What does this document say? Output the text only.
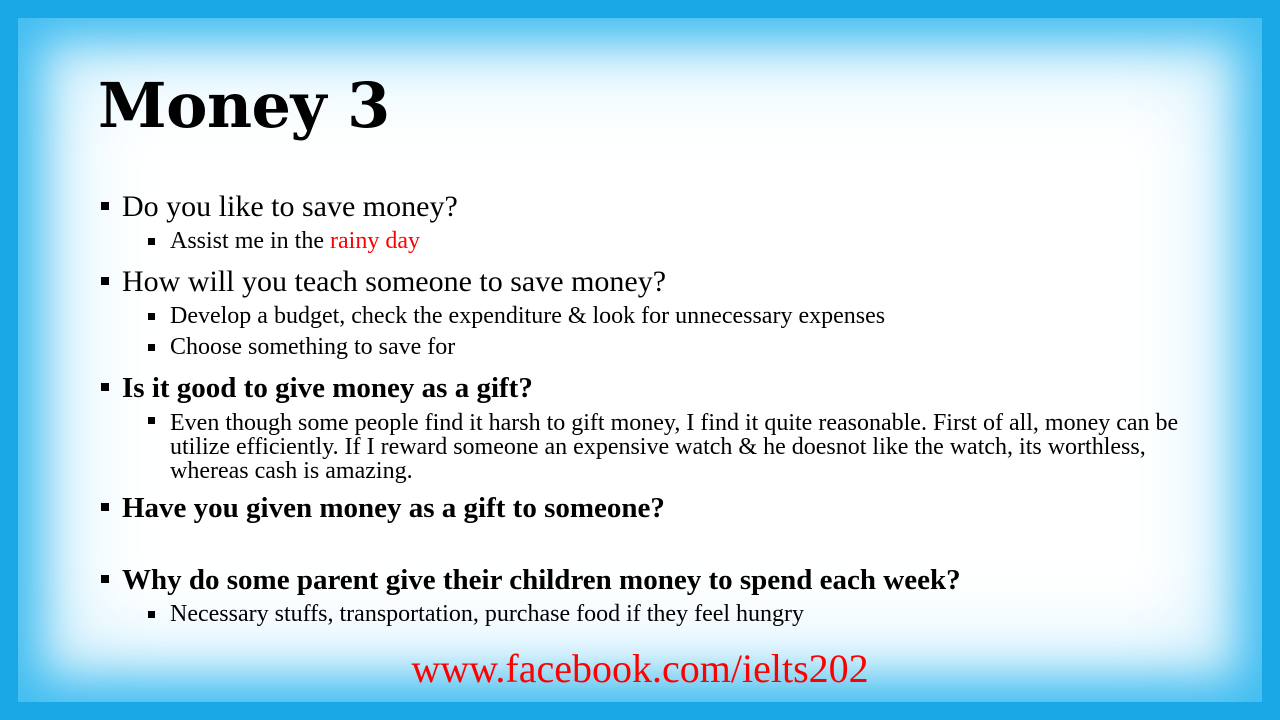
Money 3
Do you like to save money?
Assist me in the rainy day
How will you teach someone to save money?
Develop a budget, check the expenditure & look for unnecessary expenses
Choose something to save for
Is it good to give money as a gift?
Even though some people find it harsh to gift money, I find it quite reasonable. First of all, money can be utilize efficiently. If I reward someone an expensive watch & he doesnot like the watch, its worthless, whereas cash is amazing.
Have you given money as a gift to someone?
Why do some parent give their children money to spend each week?
Necessary stuffs, transportation, purchase food if they feel hungry
www.facebook.com/ielts202
